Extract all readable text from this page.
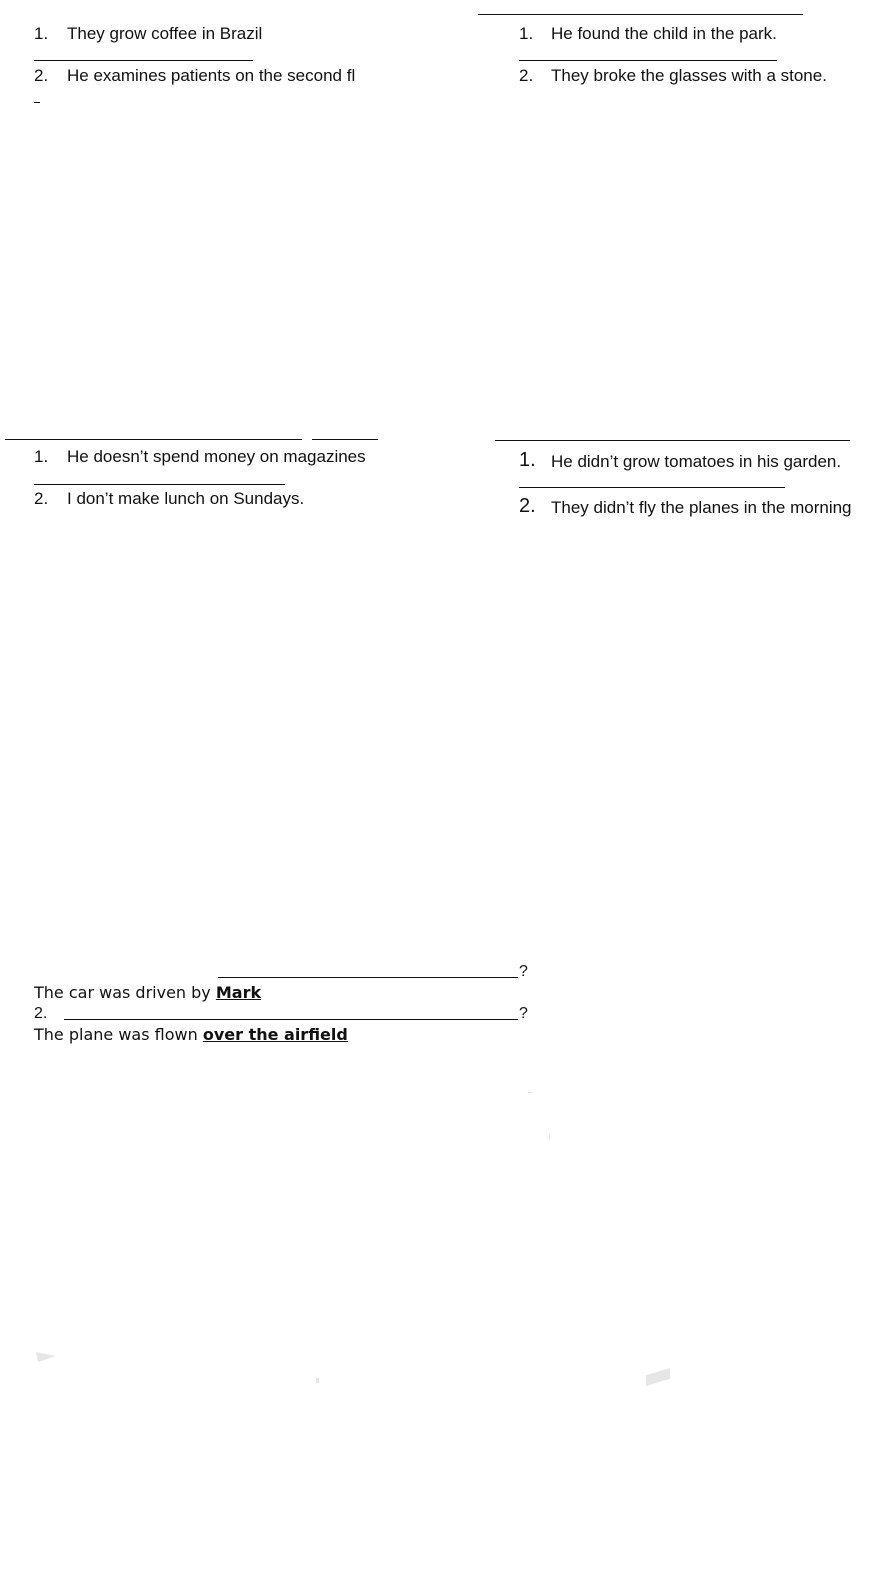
1. They grow coffee in Brazil
2. He examines patients on the second fl
1. He found the child in the park.
2. They broke the glasses with a stone.
1. He doesn’t spend money on magazines
2. I don’t make lunch on Sundays.
1. He didn’t grow tomatoes in his garden.
2. They didn’t fly the planes in the morning
?
The car was driven by Mark
2.	?
The plane was flown over the airfield
